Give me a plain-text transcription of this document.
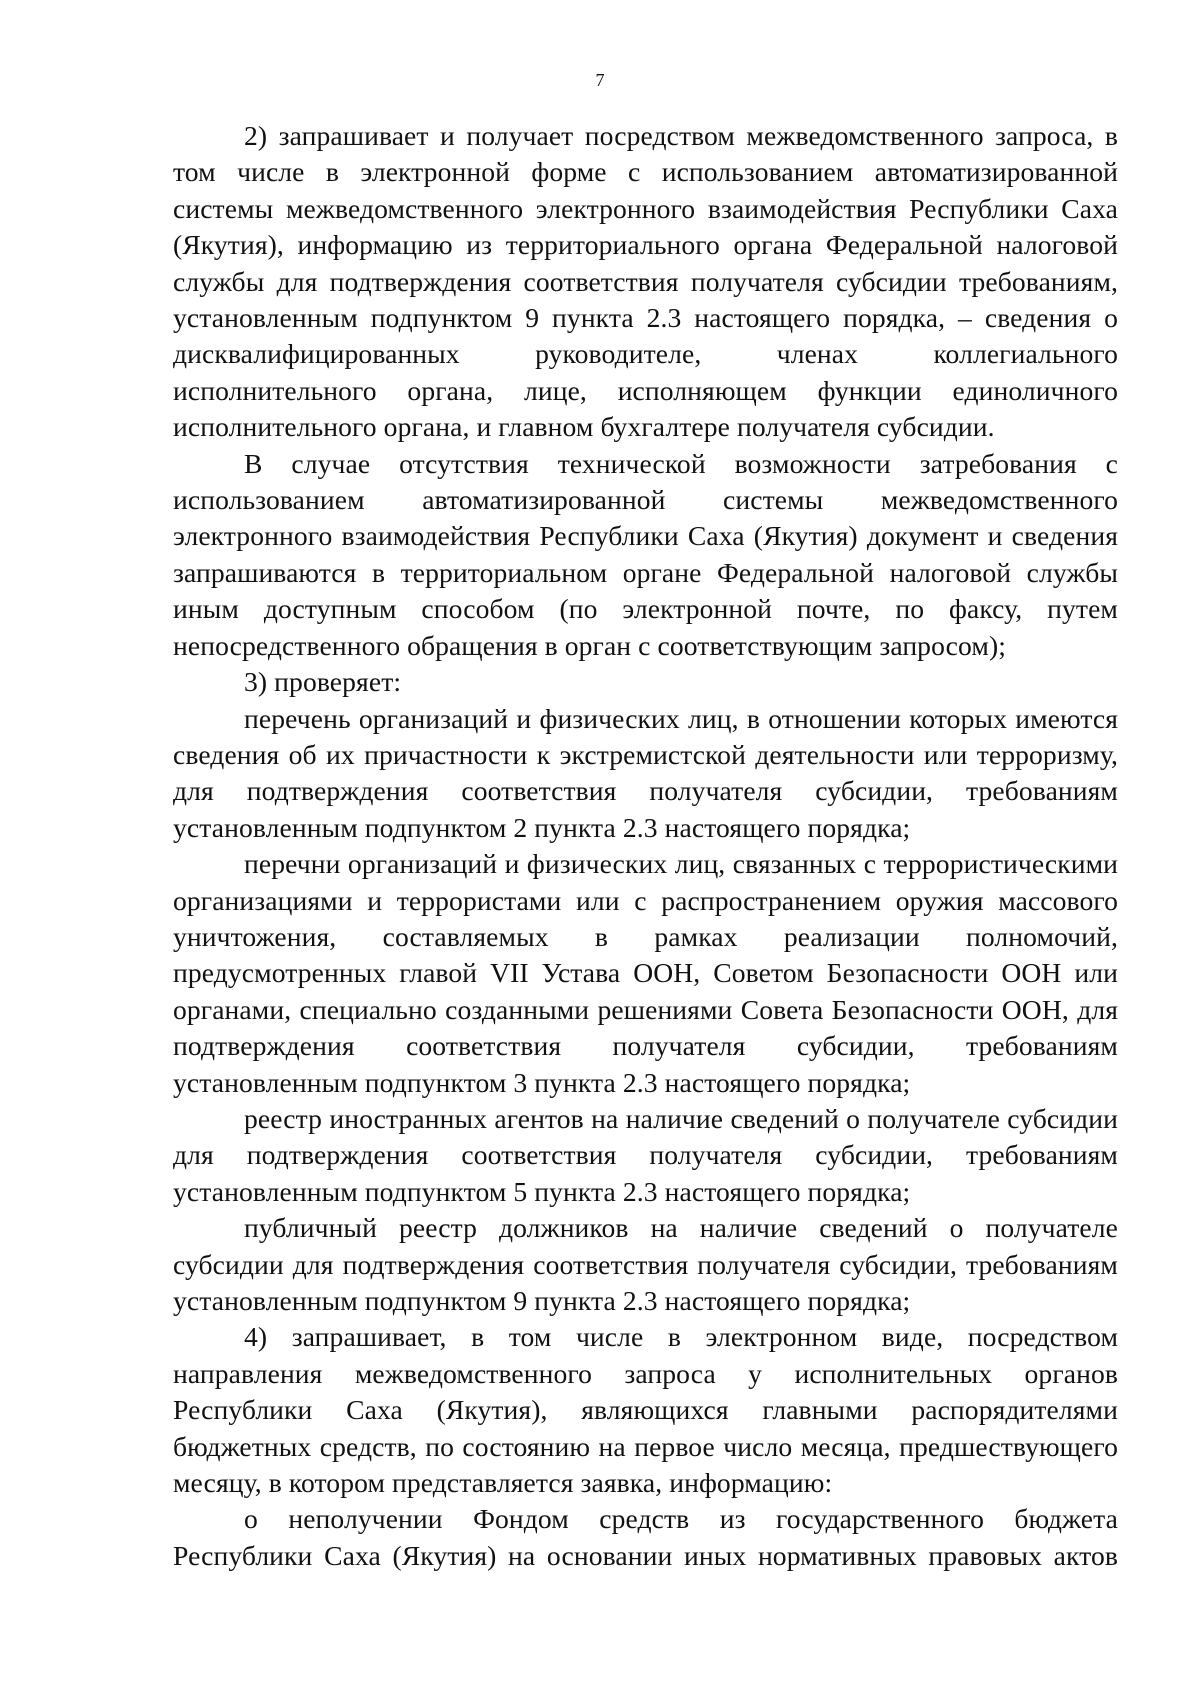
7

2) запрашивает и получает посредством межведомственного запроса, в том числе в электронной форме с использованием автоматизированной системы межведомственного электронного взаимодействия Республики Саха (Якутия), информацию из территориального органа Федеральной налоговой службы для подтверждения соответствия получателя субсидии требованиям, установленным подпунктом 9 пункта 2.3 настоящего порядка, – сведения о дисквалифицированных руководителе, членах коллегиального исполнительного органа, лице, исполняющем функции единоличного исполнительного органа, и главном бухгалтере получателя субсидии.

В случае отсутствия технической возможности затребования с использованием автоматизированной системы межведомственного электронного взаимодействия Республики Саха (Якутия) документ и сведения запрашиваются в территориальном органе Федеральной налоговой службы иным доступным способом (по электронной почте, по факсу, путем непосредственного обращения в орган с соответствующим запросом);

3) проверяет:

перечень организаций и физических лиц, в отношении которых имеются сведения об их причастности к экстремистской деятельности или терроризму, для подтверждения соответствия получателя субсидии, требованиям установленным подпунктом 2 пункта 2.3 настоящего порядка;

перечни организаций и физических лиц, связанных с террористическими организациями и террористами или с распространением оружия массового уничтожения, составляемых в рамках реализации полномочий, предусмотренных главой VII Устава ООН, Советом Безопасности ООН или органами, специально созданными решениями Совета Безопасности ООН, для подтверждения соответствия получателя субсидии, требованиям установленным подпунктом 3 пункта 2.3 настоящего порядка;

реестр иностранных агентов на наличие сведений о получателе субсидии для подтверждения соответствия получателя субсидии, требованиям установленным подпунктом 5 пункта 2.3 настоящего порядка;

публичный реестр должников на наличие сведений о получателе субсидии для подтверждения соответствия получателя субсидии, требованиям установленным подпунктом 9 пункта 2.3 настоящего порядка;

4) запрашивает, в том числе в электронном виде, посредством направления межведомственного запроса у исполнительных органов Республики Саха (Якутия), являющихся главными распорядителями бюджетных средств, по состоянию на первое число месяца, предшествующего месяцу, в котором представляется заявка, информацию:

о неполучении Фондом средств из государственного бюджета Республики Саха (Якутия) на основании иных нормативных правовых актов
